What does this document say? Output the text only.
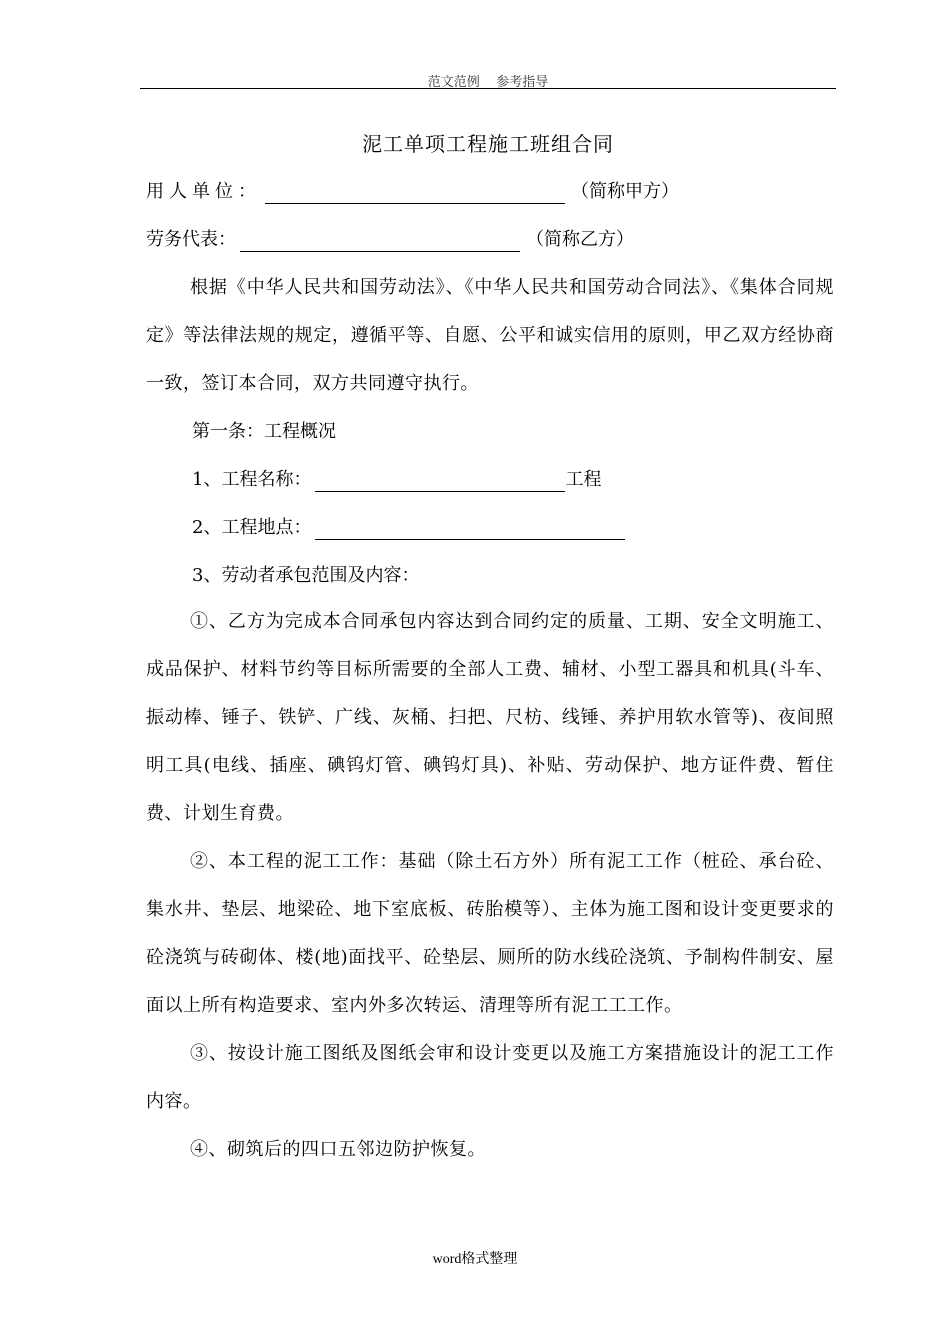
范文范例    参考指导
泥工单项工程施工班组合同
用人单位：	（简称甲方）
劳务代表：	（简称乙方）
根据《中华人民共和国劳动法》、《中华人民共和国劳动合同法》、《集体合同规定》等法律法规的规定，遵循平等、自愿、公平和诚实信用的原则，甲乙双方经协商一致，签订本合同，双方共同遵守执行。
第一条：工程概况
1、工程名称：	工程
2、工程地点：
3、劳动者承包范围及内容：
①、乙方为完成本合同承包内容达到合同约定的质量、工期、安全文明施工、成品保护、材料节约等目标所需要的全部人工费、辅材、小型工器具和机具(斗车、振动棒、锤子、铁铲、广线、灰桶、扫把、尺枋、线锤、养护用软水管等)、夜间照明工具(电线、插座、碘钨灯管、碘钨灯具)、补贴、劳动保护、地方证件费、暂住费、计划生育费。
②、本工程的泥工工作：基础（除土石方外）所有泥工工作（桩砼、承台砼、集水井、垫层、地梁砼、地下室底板、砖胎模等）、主体为施工图和设计变更要求的砼浇筑与砖砌体、楼(地)面找平、砼垫层、厕所的防水线砼浇筑、予制构件制安、屋面以上所有构造要求、室内外多次转运、清理等所有泥工工工作。
③、按设计施工图纸及图纸会审和设计变更以及施工方案措施设计的泥工工作内容。
④、砌筑后的四口五邻边防护恢复。
word格式整理
